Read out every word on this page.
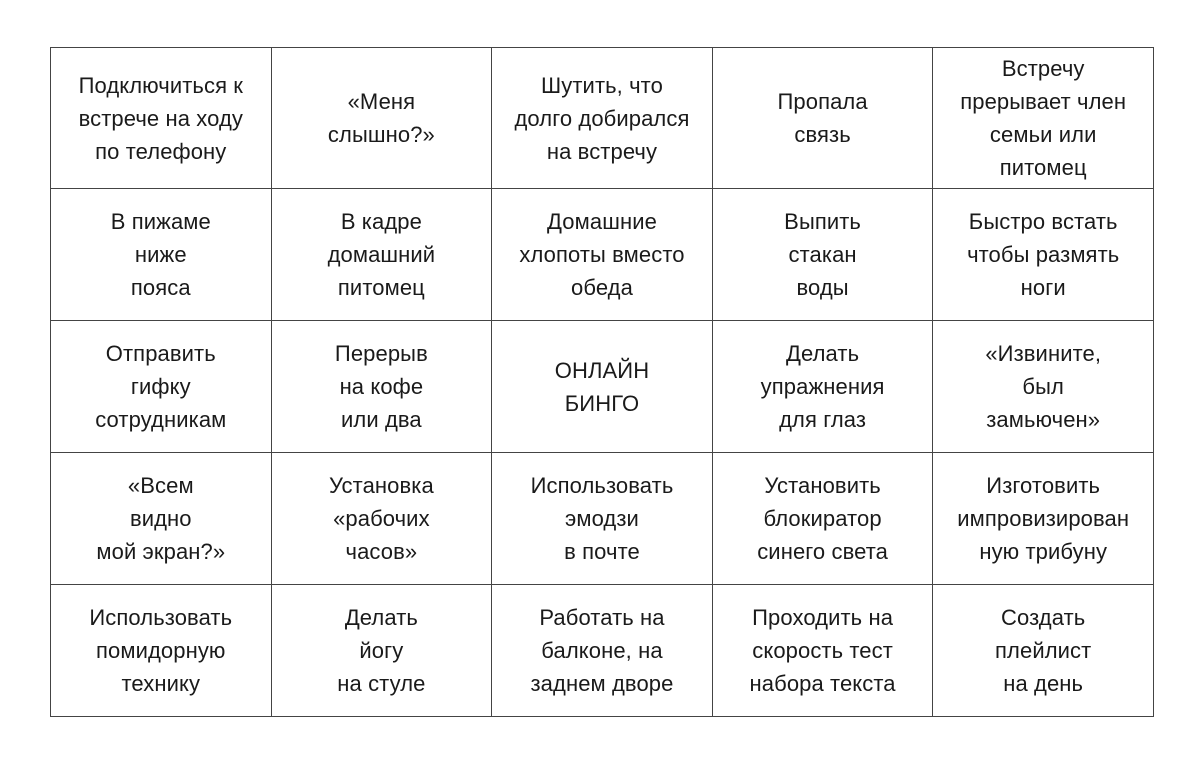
Подключиться к
встрече на ходу
по телефону
«Меня
слышно?»
Шутить, что
долго добирался
на встречу
Пропала
связь
Встречу
прерывает член
семьи или
питомец
В пижаме
ниже
пояса
В кадре
домашний
питомец
Домашние
хлопоты вместо
обеда
Выпить
стакан
воды
Быстро встать
чтобы размять
ноги
Отправить
гифку
сотрудникам
Перерыв
на кофе
или два
ОНЛАЙН
БИНГО
Делать
упражнения
для глаз
«Извините,
был
замьючен»
«Всем
видно
мой экран?»
Установка
«рабочих
часов»
Использовать
эмодзи
в почте
Установить
блокиратор
синего света
Изготовить
импровизирован
ную трибуну
Использовать
помидорную
технику
Делать
йогу
на стуле
Работать на
балконе, на
заднем дворе
Проходить на
скорость тест
набора текста
Создать
плейлист
на день
